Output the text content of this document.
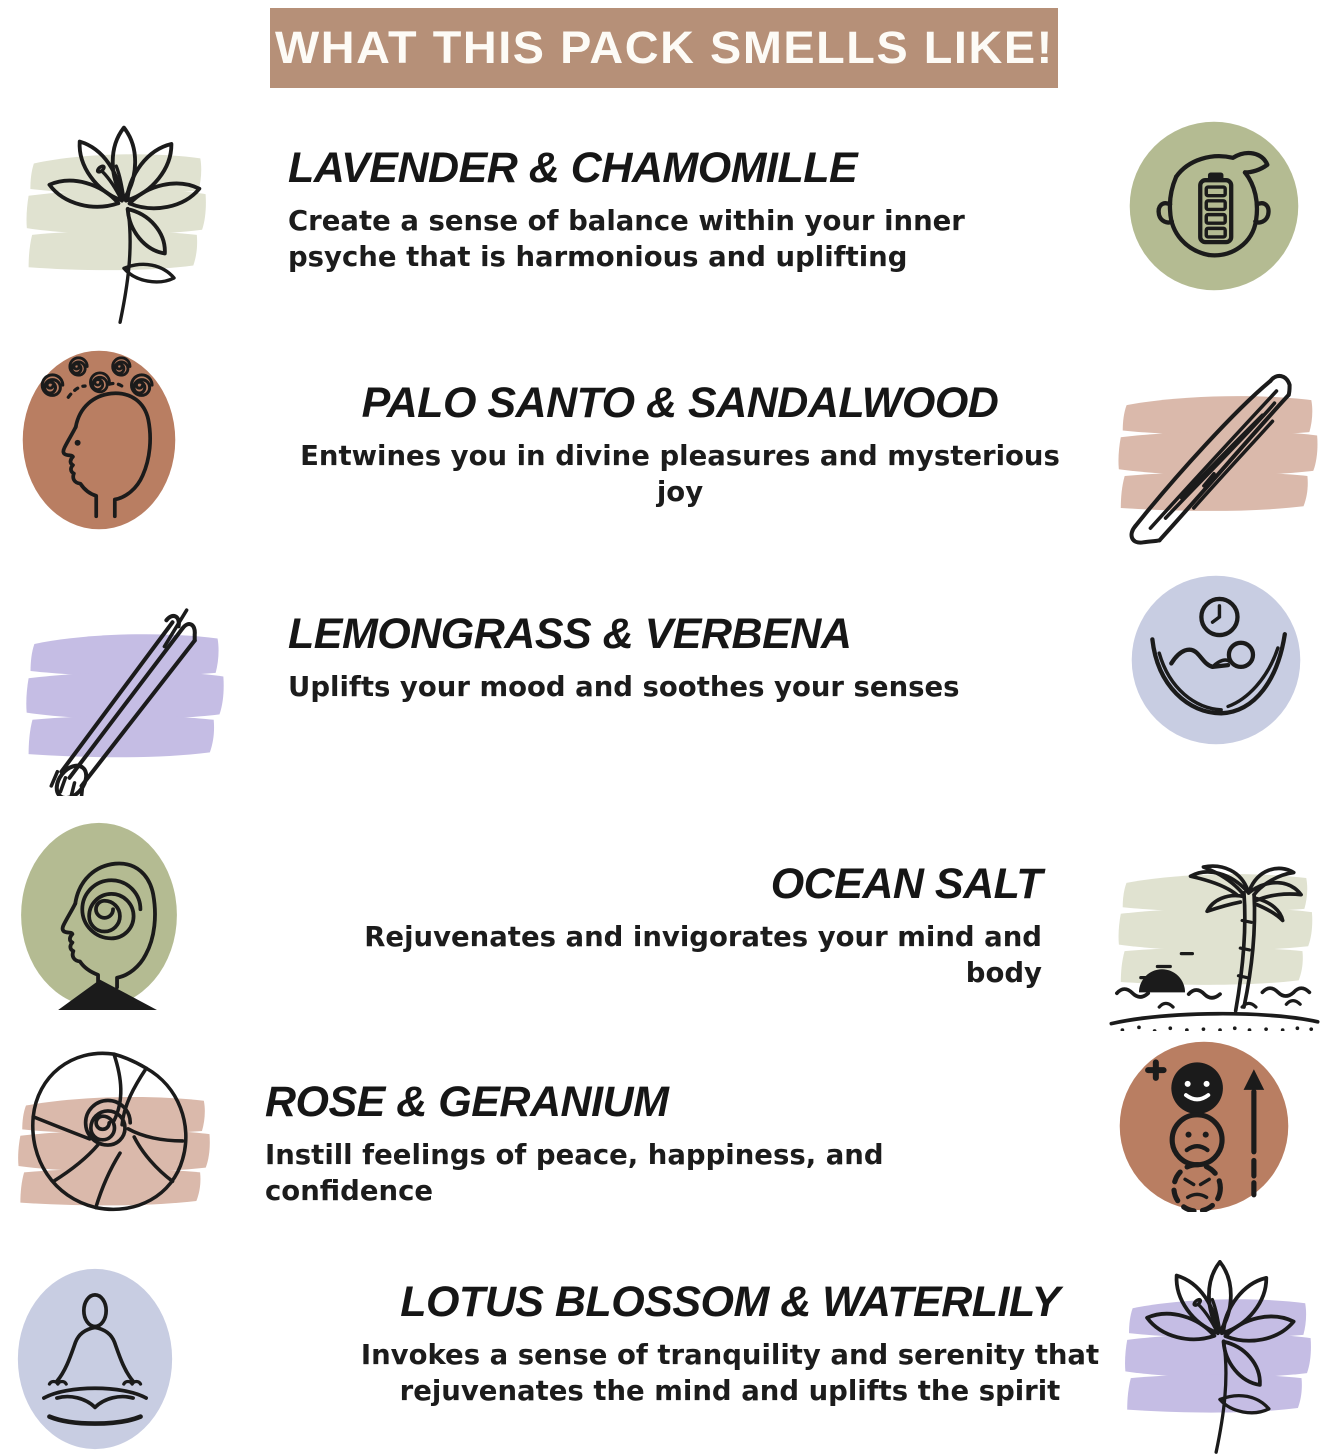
WHAT THIS PACK SMELLS LIKE!
LAVENDER & CHAMOMILLE
Create a sense of balance within your inner psyche that is harmonious and uplifting
PALO SANTO & SANDALWOOD
Entwines you in divine pleasures and mysterious joy
LEMONGRASS & VERBENA
Uplifts your mood and soothes your senses
OCEAN SALT
Rejuvenates and invigorates your mind and body
ROSE & GERANIUM
Instill feelings of peace, happiness, and confidence
LOTUS BLOSSOM & WATERLILY
Invokes a sense of tranquility and serenity that rejuvenates the mind and uplifts the spirit
